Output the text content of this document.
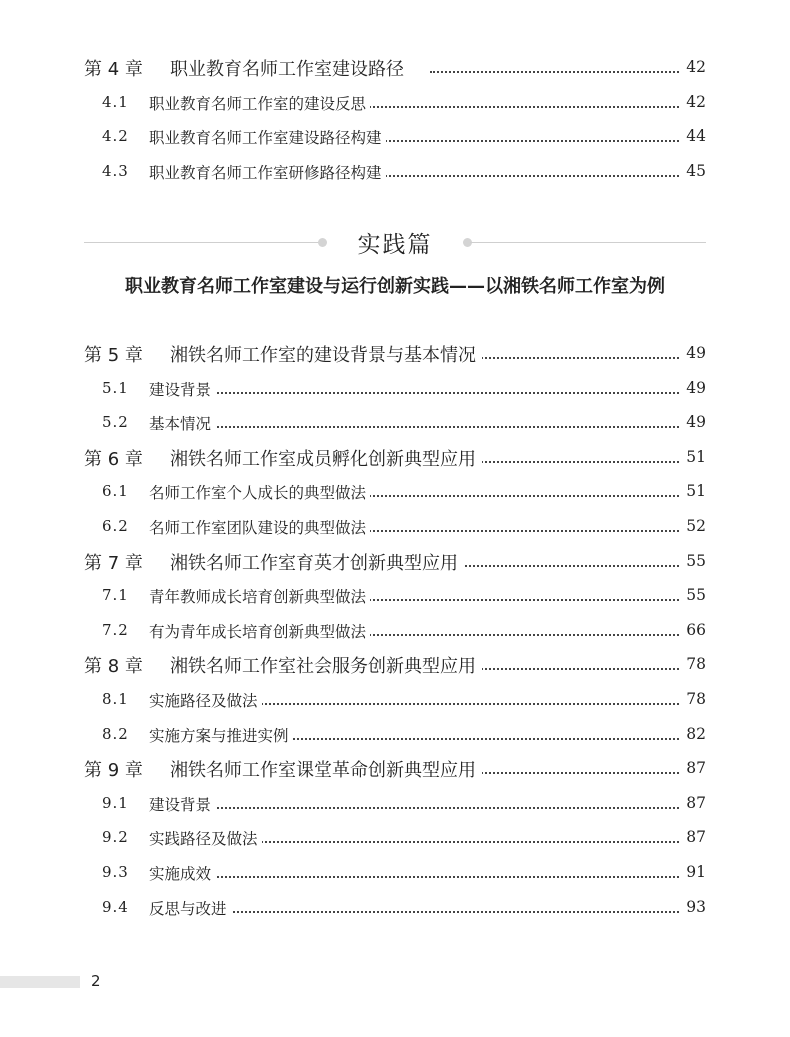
第 4 章 职业教育名师工作室建设路径	42
4.1 职业教育名师工作室的建设反思	42
4.2 职业教育名师工作室建设路径构建	44
4.3 职业教育名师工作室研修路径构建	45
实践篇
职业教育名师工作室建设与运行创新实践——以湘铁名师工作室为例
第 5 章 湘铁名师工作室的建设背景与基本情况	49
5.1 建设背景	49
5.2 基本情况	49
第 6 章 湘铁名师工作室成员孵化创新典型应用	51
6.1 名师工作室个人成长的典型做法	51
6.2 名师工作室团队建设的典型做法	52
第 7 章 湘铁名师工作室育英才创新典型应用	55
7.1 青年教师成长培育创新典型做法	55
7.2 有为青年成长培育创新典型做法	66
第 8 章 湘铁名师工作室社会服务创新典型应用	78
8.1 实施路径及做法	78
8.2 实施方案与推进实例	82
第 9 章 湘铁名师工作室课堂革命创新典型应用	87
9.1 建设背景	87
9.2 实践路径及做法	87
9.3 实施成效	91
9.4 反思与改进	93
2
